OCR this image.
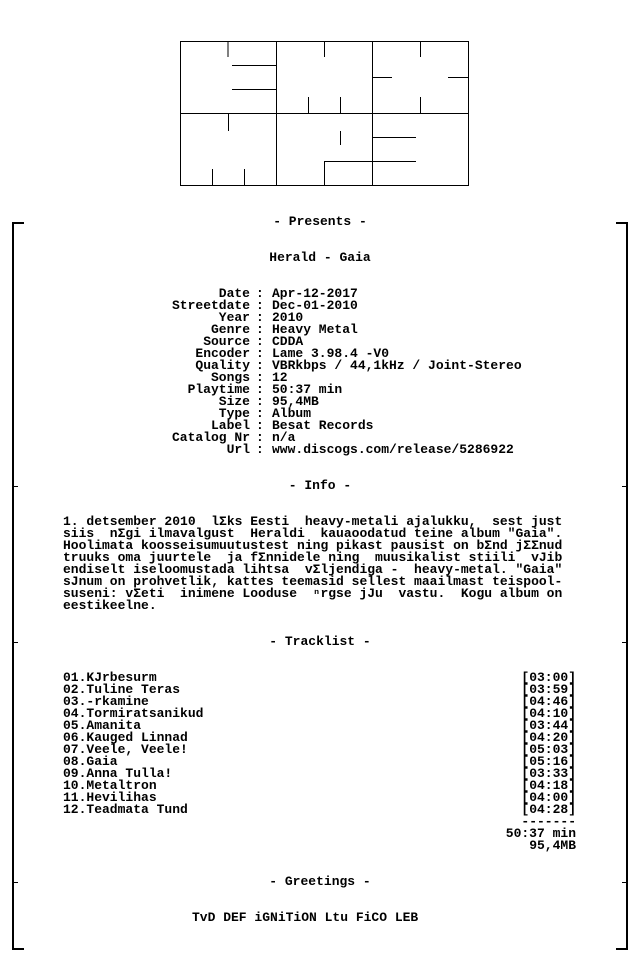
- Presents -
Herald - Gaia
Date : Apr-12-2017
Streetdate : Dec-01-2010
Year : 2010
Genre : Heavy Metal
Source : CDDA
Encoder : Lame 3.98.4 -V0
Quality : VBRkbps / 44,1kHz / Joint-Stereo
Songs : 12
Playtime : 50:37 min
Size : 95,4MB
Type : Album
Label : Besat Records
Catalog Nr : n/a
Url : www.discogs.com/release/5286922
- Info -
1. detsember 2010  lΣks Eesti  heavy-metali ajalukku,  sest just
siis  nΣgi ilmavalgust  Heraldi  kauaoodatud teine album "Gaia".
Hoolimata koosseisumuutustest ning pikast pausist on bΣnd jΣΣnud
truuks oma juurtele  ja fΣnnidele ning  muusikalist stiili  vJib
endiselt iseloomustada lihtsa  vΣljendiga -  heavy-metal. "Gaia"
sJnum on prohvetlik, kattes teemasid sellest maailmast teispool-
suseni: vΣeti  inimene Looduse  ⁿrgse jJu  vastu.  Kogu album on
eestikeelne.
- Tracklist -
01.KJrbesurm	[03:00]
02.Tuline Teras	[03:59]
03.-rkamine	[04:46]
04.Tormiratsanikud	[04:10]
05.Amanita	[03:44]
06.Kauged Linnad	[04:20]
07.Veele, Veele!	[05:03]
08.Gaia	[05:16]
09.Anna Tulla!	[03:33]
10.Metaltron	[04:18]
11.Hevilihas	[04:00]
12.Teadmata Tund	[04:28]
-------
50:37 min
95,4MB
- Greetings -
TvD DEF iGNiTiON Ltu FiCO LEB
